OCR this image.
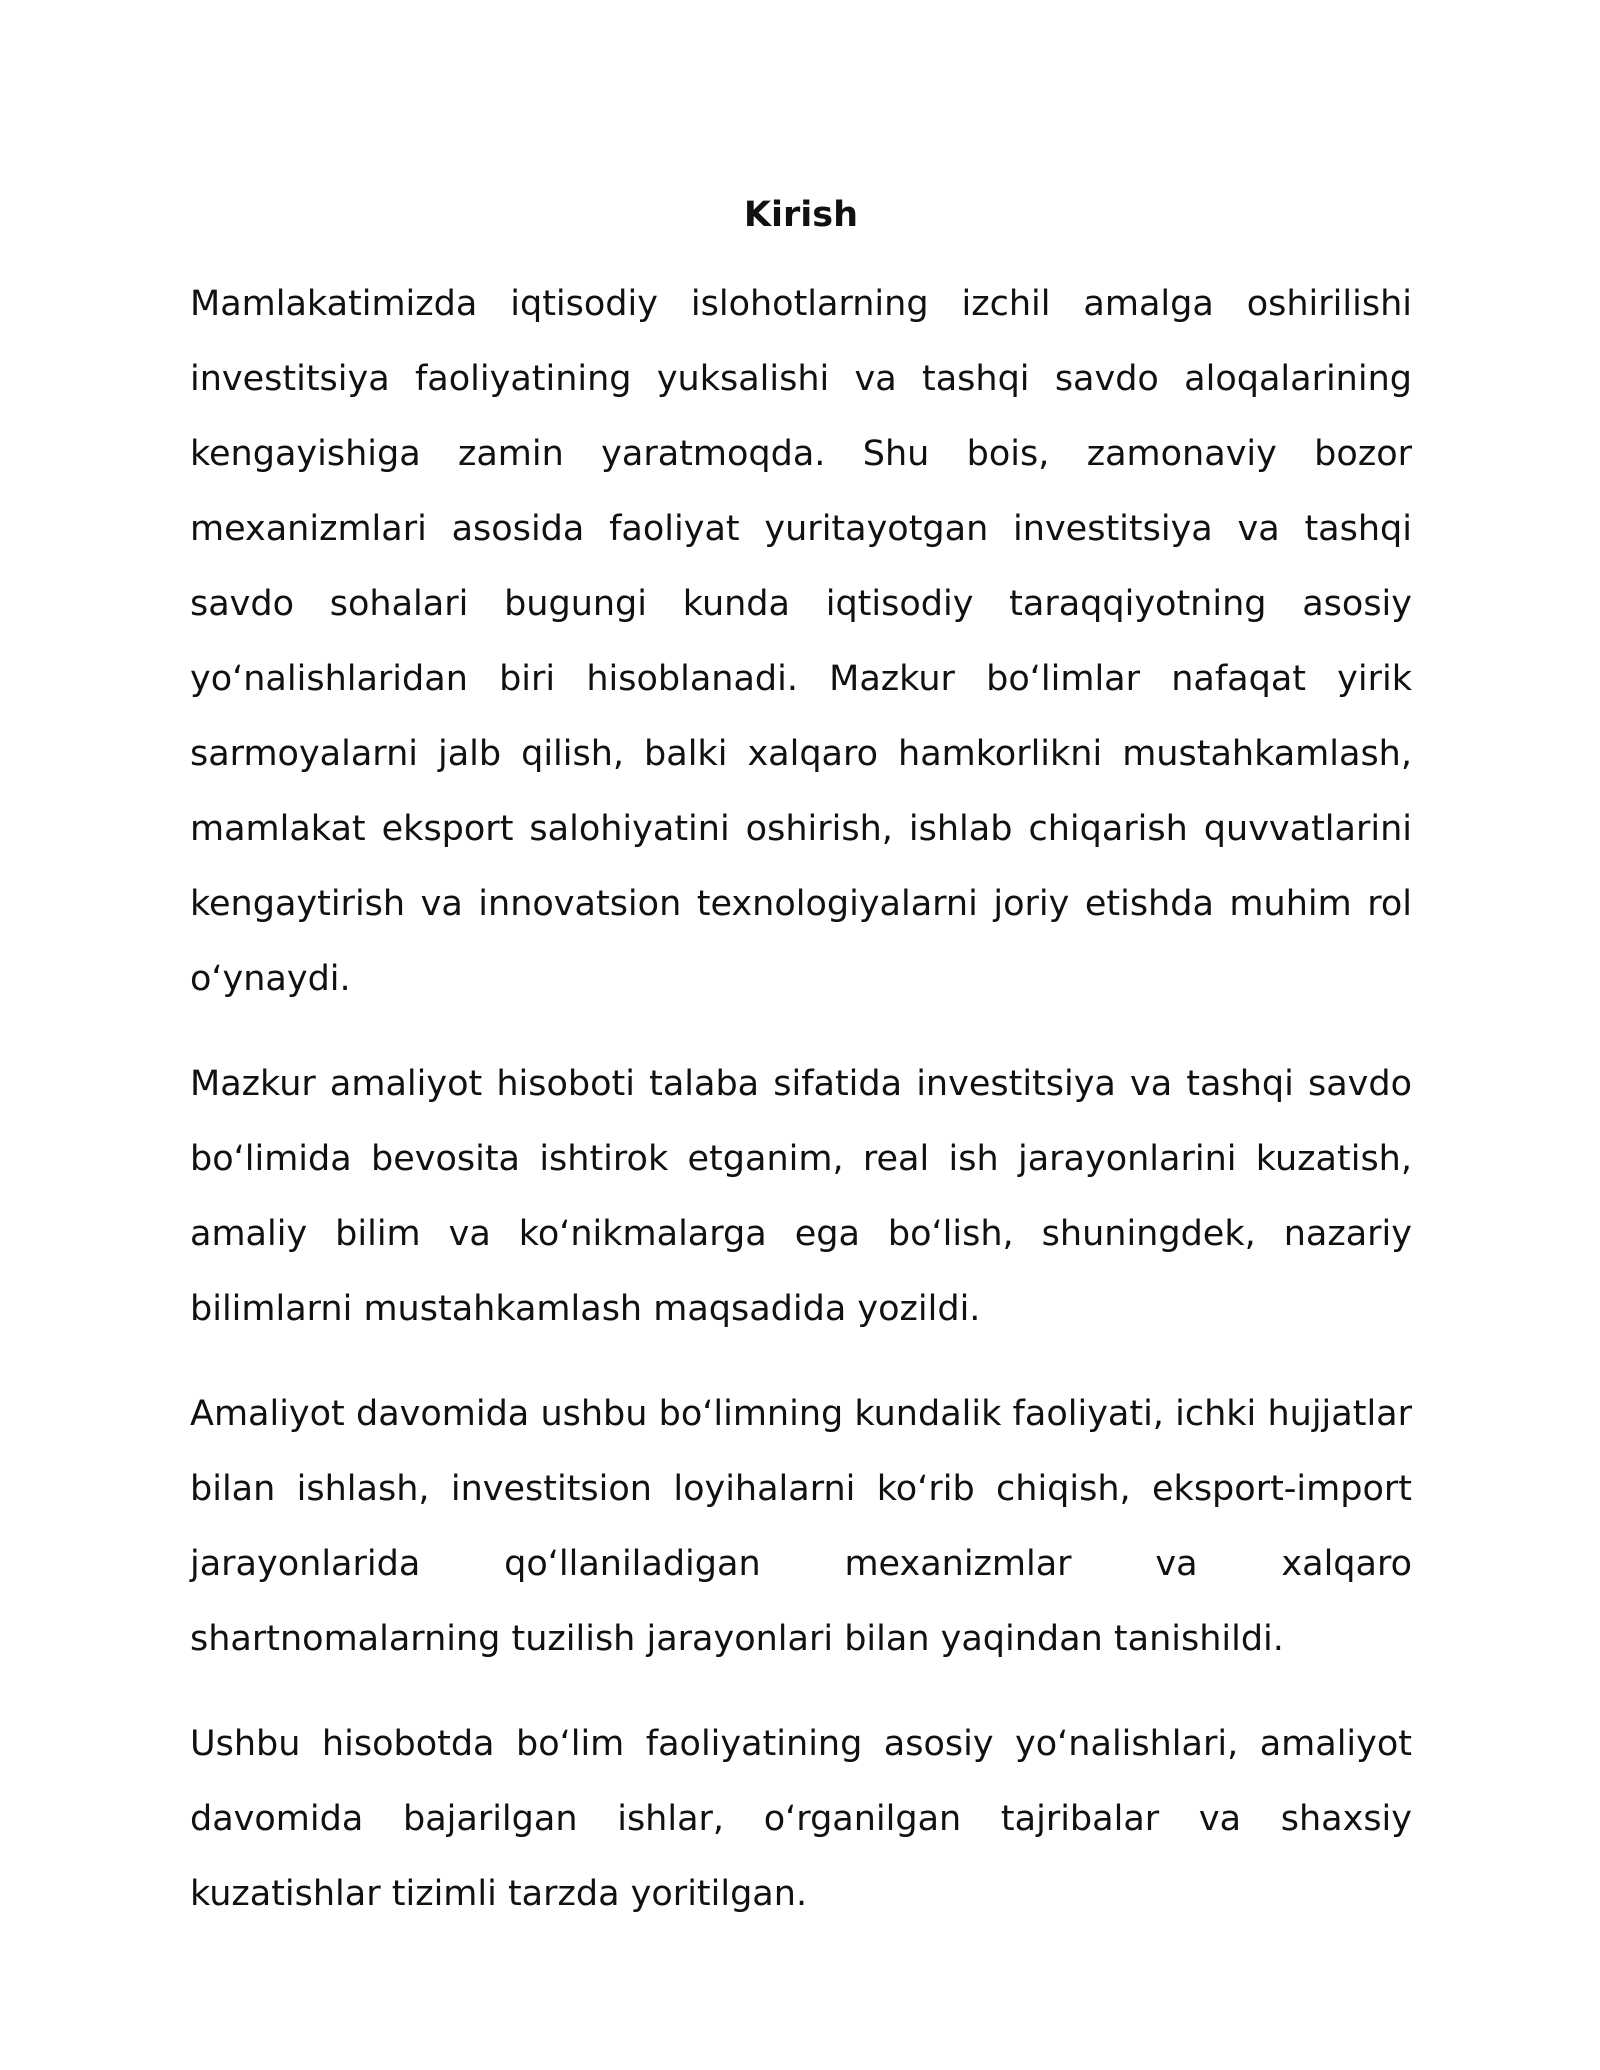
Kirish

Mamlakatimizda iqtisodiy islohotlarning izchil amalga oshirilishi investitsiya faoliyatining yuksalishi va tashqi savdo aloqalarining kengayishiga zamin yaratmoqda. Shu bois, zamonaviy bozor mexanizmlari asosida faoliyat yuritayotgan investitsiya va tashqi savdo sohalari bugungi kunda iqtisodiy taraqqiyotning asosiy yo‘nalishlaridan biri hisoblanadi. Mazkur bo‘limlar nafaqat yirik sarmoyalarni jalb qilish, balki xalqaro hamkorlikni mustahkamlash, mamlakat eksport salohiyatini oshirish, ishlab chiqarish quvvatlarini kengaytirish va innovatsion texnologiyalarni joriy etishda muhim rol o‘ynaydi.

Mazkur amaliyot hisoboti talaba sifatida investitsiya va tashqi savdo bo‘limida bevosita ishtirok etganim, real ish jarayonlarini kuzatish, amaliy bilim va ko‘nikmalarga ega bo‘lish, shuningdek, nazariy bilimlarni mustahkamlash maqsadida yozildi.

Amaliyot davomida ushbu bo‘limning kundalik faoliyati, ichki hujjatlar bilan ishlash, investitsion loyihalarni ko‘rib chiqish, eksport-import jarayonlarida qo‘llaniladigan mexanizmlar va xalqaro shartnomalarning tuzilish jarayonlari bilan yaqindan tanishildi.

Ushbu hisobotda bo‘lim faoliyatining asosiy yo‘nalishlari, amaliyot davomida bajarilgan ishlar, o‘rganilgan tajribalar va shaxsiy kuzatishlar tizimli tarzda yoritilgan.
